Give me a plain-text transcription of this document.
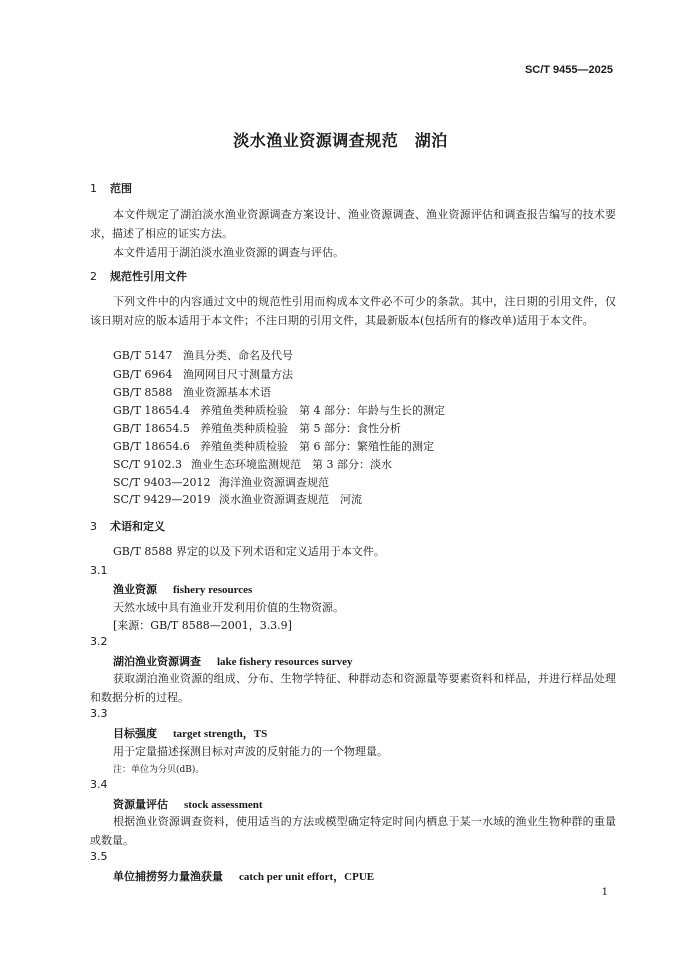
SC/T 9455—2025
淡水渔业资源调查规范　湖泊
1 范围

本文件规定了湖泊淡水渔业资源调查方案设计、渔业资源调查、渔业资源评估和调查报告编写的技术要求，描述了相应的证实方法。

本文件适用于湖泊淡水渔业资源的调查与评估。

2 规范性引用文件

下列文件中的内容通过文中的规范性引用而构成本文件必不可少的条款。其中，注日期的引用文件，仅该日期对应的版本适用于本文件；不注日期的引用文件，其最新版本(包括所有的修改单)适用于本文件。

GB/T 5147 渔具分类、命名及代号
GB/T 6964 渔网网目尺寸测量方法
GB/T 8588 渔业资源基本术语
GB/T 18654.4 养殖鱼类种质检验　第 4 部分：年龄与生长的测定
GB/T 18654.5 养殖鱼类种质检验　第 5 部分：食性分析
GB/T 18654.6 养殖鱼类种质检验　第 6 部分：繁殖性能的测定
SC/T 9102.3 渔业生态环境监测规范　第 3 部分：淡水
SC/T 9403—2012 海洋渔业资源调查规范
SC/T 9429—2019 淡水渔业资源调查规范　河流
3 术语和定义
GB/T 8588 界定的以及下列术语和定义适用于本文件。
3.1
渔业资源 fishery resources
天然水域中具有渔业开发利用价值的生物资源。
[来源：GB/T 8588—2001，3.3.9]
3.2
湖泊渔业资源调查 lake fishery resources survey

获取湖泊渔业资源的组成、分布、生物学特征、种群动态和资源量等要素资料和样品，并进行样品处理和数据分析的过程。

3.3
目标强度 target strength，TS
用于定量描述探测目标对声波的反射能力的一个物理量。
注：单位为分贝(dB)。
3.4
资源量评估 stock assessment

根据渔业资源调查资料，使用适当的方法或模型确定特定时间内栖息于某一水域的渔业生物种群的重量或数量。

3.5
单位捕捞努力量渔获量 catch per unit effort，CPUE
1
